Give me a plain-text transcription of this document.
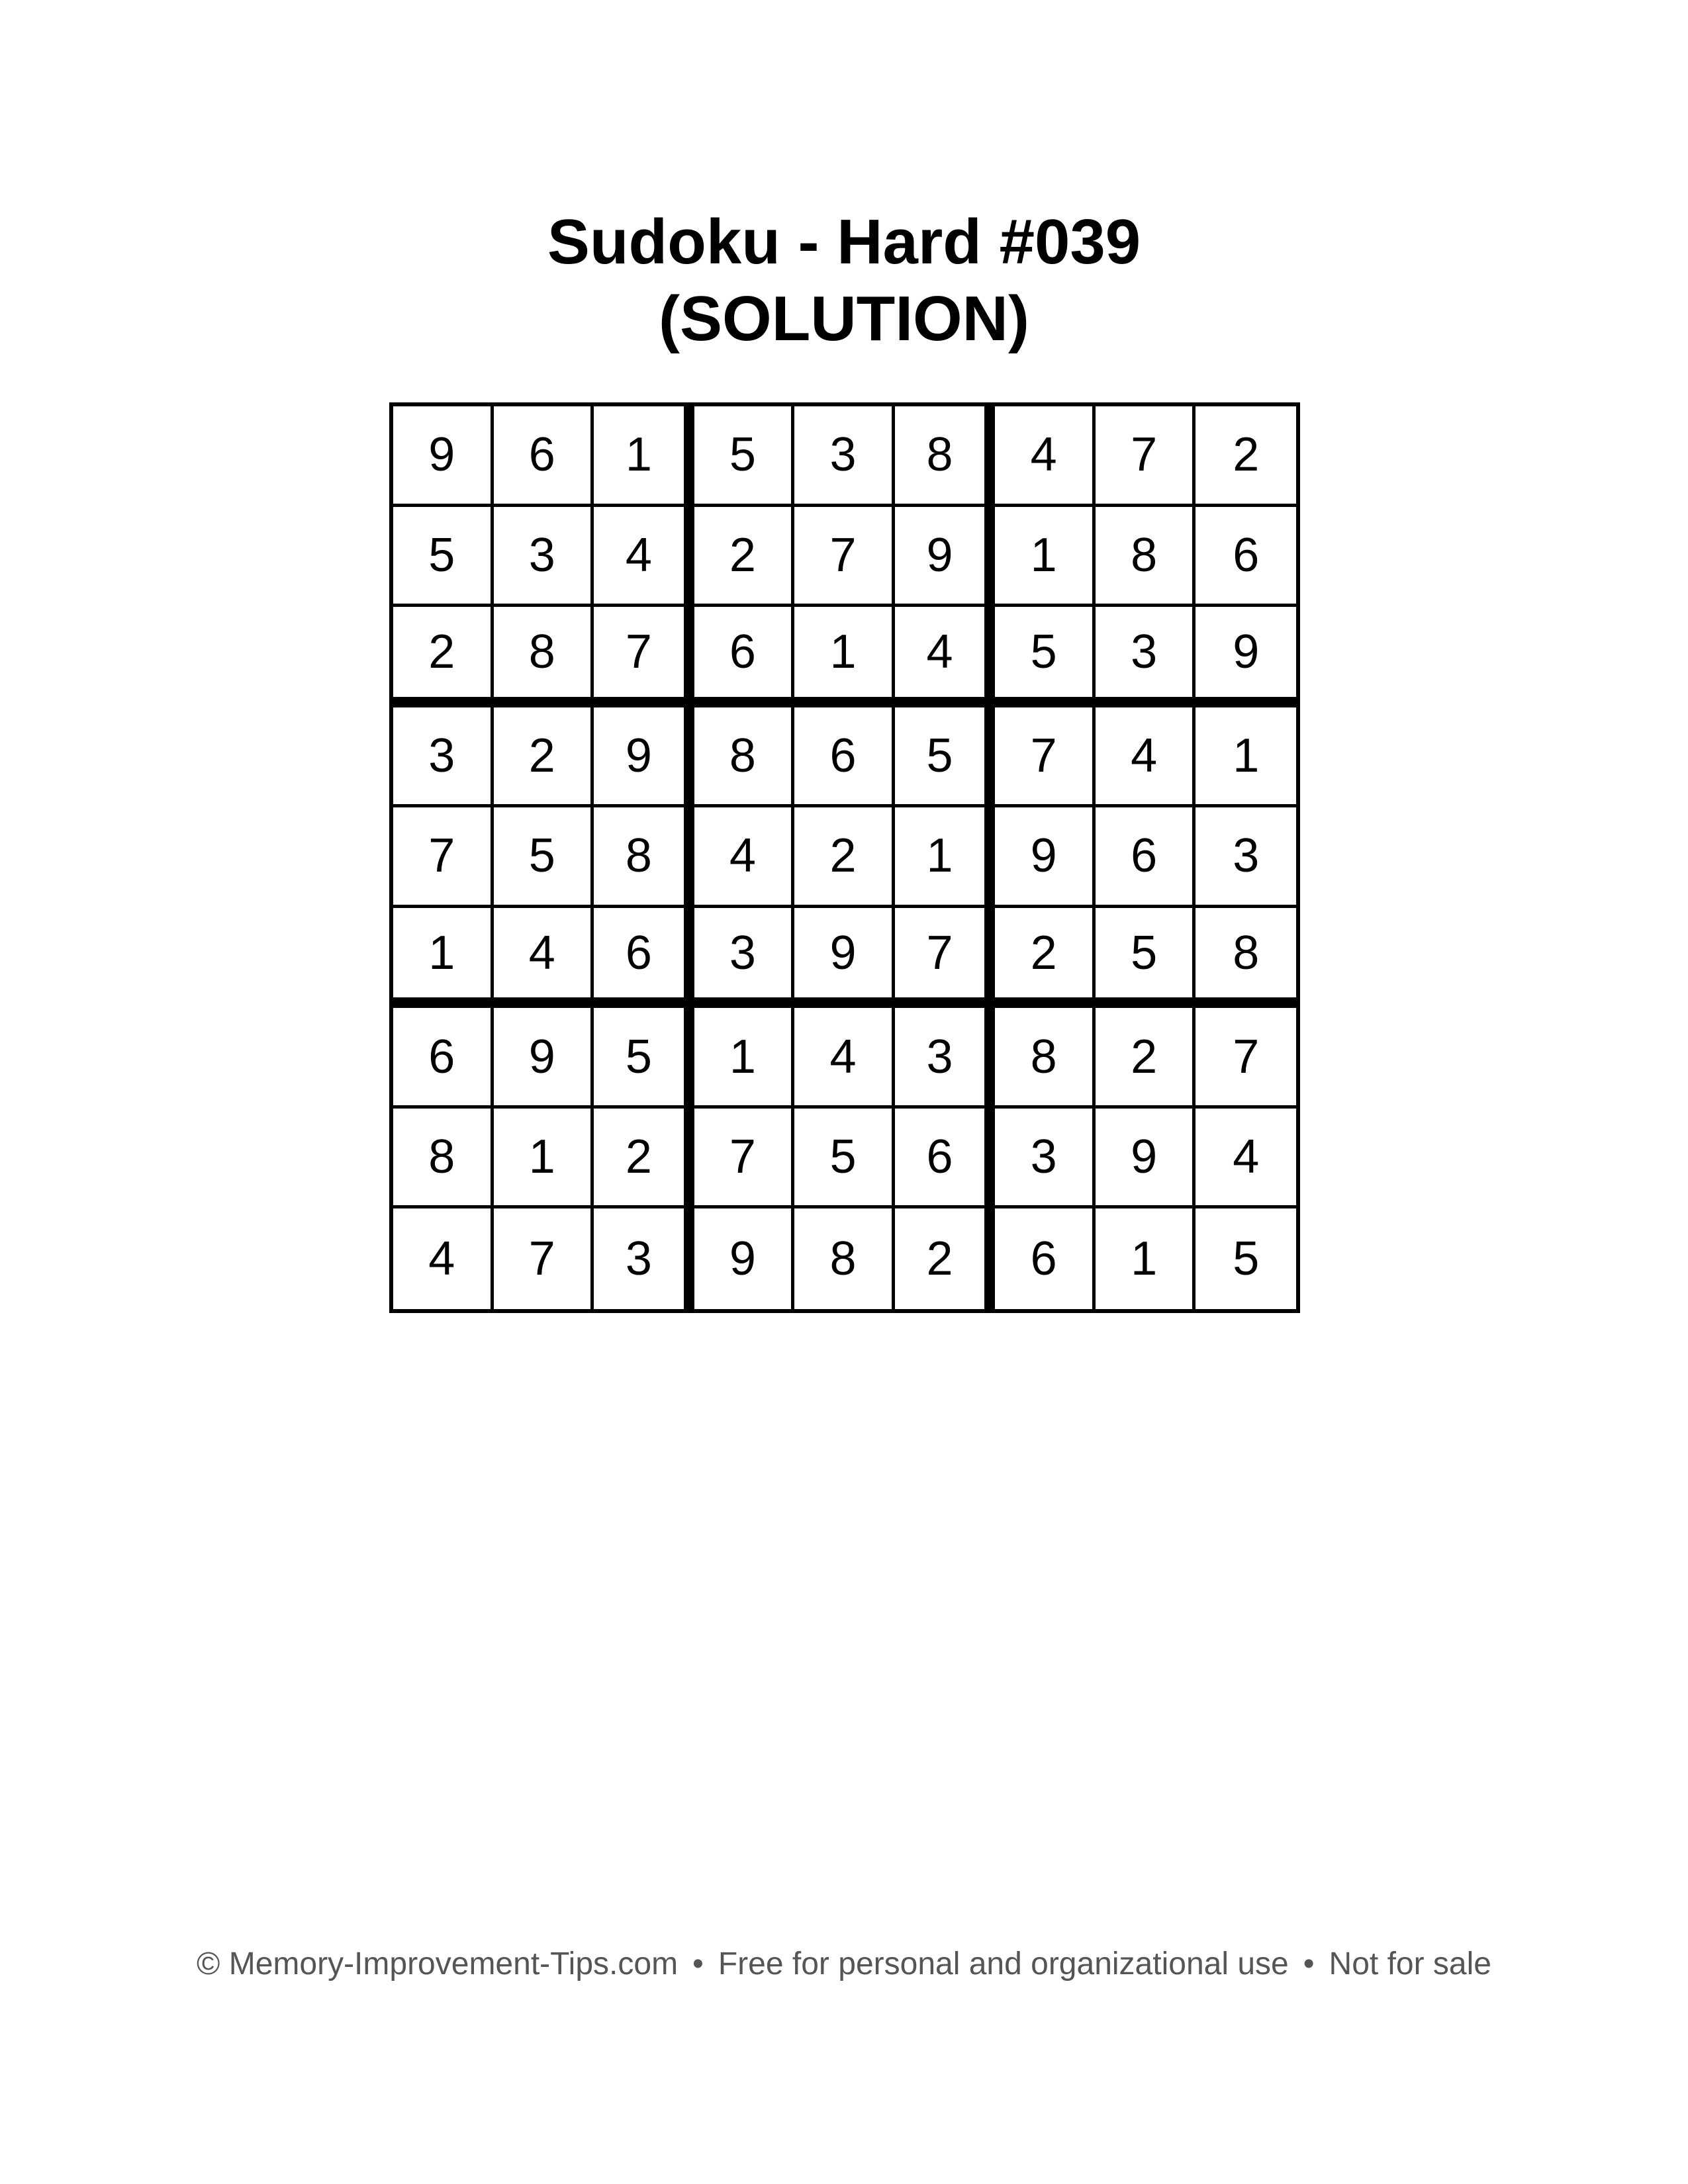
Sudoku - Hard #039
(SOLUTION)
9	6	1	5	3	8	4	7	2
5	3	4	2	7	9	1	8	6
2	8	7	6	1	4	5	3	9
3	2	9	8	6	5	7	4	1
7	5	8	4	2	1	9	6	3
1	4	6	3	9	7	2	5	8
6	9	5	1	4	3	8	2	7
8	1	2	7	5	6	3	9	4
4	7	3	9	8	2	6	1	5
© Memory-Improvement-Tips.com • Free for personal and organizational use • Not for sale
